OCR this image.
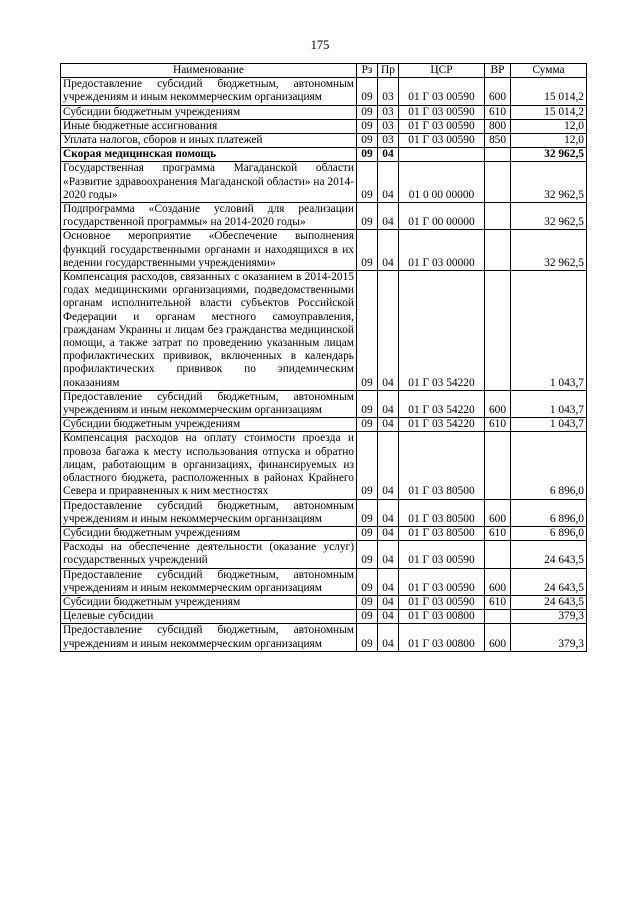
175
Наименование	Рз	Пр	ЦСР	ВР	Сумма
Предоставление субсидий бюджетным, автономным учреждениям и иным некоммерческим организациям	09	03	01 Г 03 00590	600	15 014,2
Субсидии бюджетным учреждениям	09	03	01 Г 03 00590	610	15 014,2
Иные бюджетные ассигнования	09	03	01 Г 03 00590	800	12,0
Уплата налогов, сборов и иных платежей	09	03	01 Г 03 00590	850	12,0
Скорая медицинская помощь	09	04			32 962,5
Государственная программа Магаданской области «Развитие здравоохранения Магаданской области» на 2014-2020 годы»	09	04	01 0 00 00000		32 962,5
Подпрограмма «Создание условий для реализации государственной программы» на 2014-2020 годы»	09	04	01 Г 00 00000		32 962,5
Основное мероприятие «Обеспечение выполнения функций государственными органами и находящихся в их ведении государственными учреждениями»	09	04	01 Г 03 00000		32 962,5
Компенсация расходов, связанных с оказанием в 2014-2015 годах медицинскими организациями, подведомственными органам исполнительной власти субъектов Российской Федерации и органам местного самоуправления, гражданам Украины и лицам без гражданства медицинской помощи, а также затрат по проведению указанным лицам профилактических прививок, включенных в календарь профилактических прививок по эпидемическим показаниям	09	04	01 Г 03 54220		1 043,7
Предоставление субсидий бюджетным, автономным учреждениям и иным некоммерческим организациям	09	04	01 Г 03 54220	600	1 043,7
Субсидии бюджетным учреждениям	09	04	01 Г 03 54220	610	1 043,7
Компенсация расходов на оплату стоимости проезда и провоза багажа к месту использования отпуска и обратно лицам, работающим в организациях, финансируемых из областного бюджета, расположенных в районах Крайнего Севера и приравненных к ним местностях	09	04	01 Г 03 80500		6 896,0
Предоставление субсидий бюджетным, автономным учреждениям и иным некоммерческим организациям	09	04	01 Г 03 80500	600	6 896,0
Субсидии бюджетным учреждениям	09	04	01 Г 03 80500	610	6 896,0
Расходы на обеспечение деятельности (оказание услуг) государственных учреждений	09	04	01 Г 03 00590		24 643,5
Предоставление субсидий бюджетным, автономным учреждениям и иным некоммерческим организациям	09	04	01 Г 03 00590	600	24 643,5
Субсидии бюджетным учреждениям	09	04	01 Г 03 00590	610	24 643,5
Целевые субсидии	09	04	01 Г 03 00800		379,3
Предоставление субсидий бюджетным, автономным учреждениям и иным некоммерческим организациям	09	04	01 Г 03 00800	600	379,3
